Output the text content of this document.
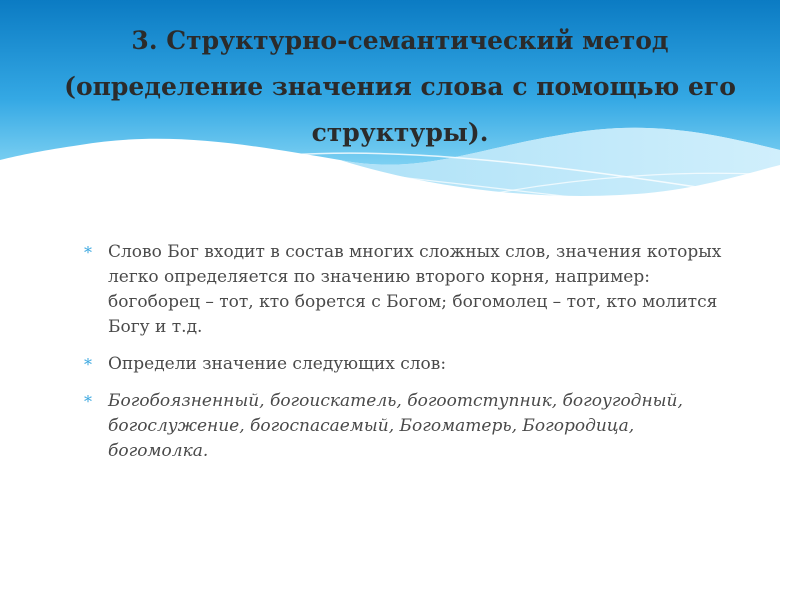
3. Структурно-семантический метод
(определение значения слова с помощью его
структуры).
* Слово Бог входит в состав многих сложных слов, значения которых легко определяется по значению второго корня, например: богоборец – тот, кто борется с Богом; богомолец – тот, кто молится Богу и т.д.
* Определи значение следующих слов:
* Богобоязненный, богоискатель, богоотступник, богоугодный, богослужение, богоспасаемый, Богоматерь, Богородица, богомолка.
